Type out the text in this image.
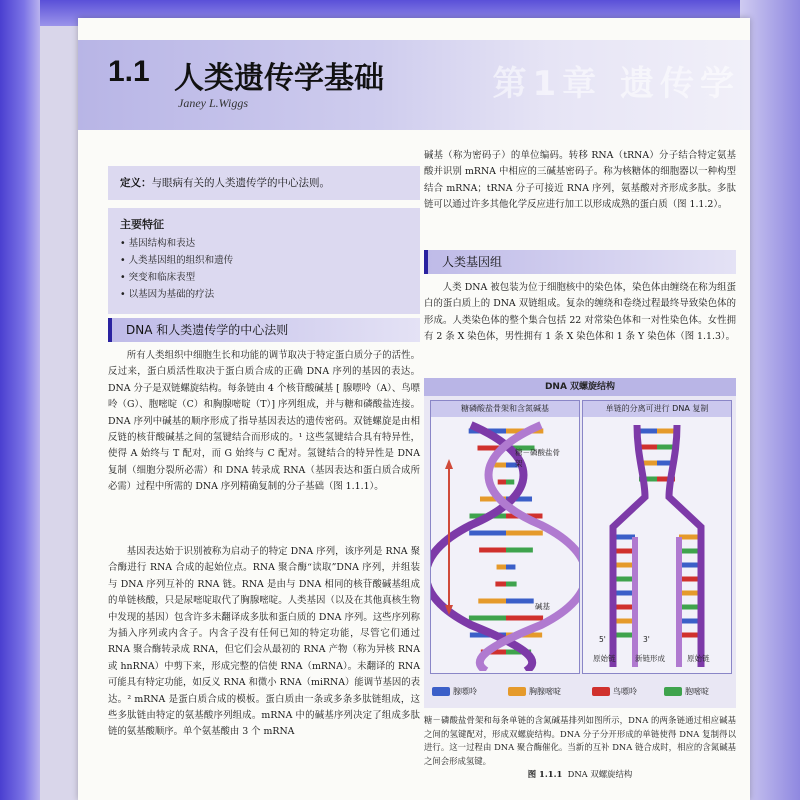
1.1 人类遗传学基础
Janey L.Wiggs	第1章 遗传学
定义：与眼病有关的人类遗传学的中心法则。
主要特征
• 基因结构和表达
• 人类基因组的组织和遗传
• 突变和临床表型
• 以基因为基础的疗法
DNA 和人类遗传学的中心法则

所有人类组织中细胞生长和功能的调节取决于特定蛋白质分子的活性。反过来，蛋白质活性取决于蛋白质合成的正确 DNA 序列的基因的表达。DNA 分子是双链螺旋结构。每条链由 4 个核苷酸碱基 [ 腺嘌呤（A）、鸟嘌呤（G）、胞嘧啶（C）和胸腺嘧啶（T）] 序列组成，并与糖和磷酸盐连接。DNA 序列中碱基的顺序形成了指导基因表达的遗传密码。双链螺旋是由相反链的核苷酸碱基之间的氢键结合而形成的。¹ 这些氢键结合具有特异性，使得 A 始终与 T 配对，而 G 始终与 C 配对。氢键结合的特异性是 DNA 复制（细胞分裂所必需）和 DNA 转录成 RNA（基因表达和蛋白质合成所必需）过程中所需的 DNA 序列精确复制的分子基础（图 1.1.1）。

基因表达始于识别被称为启动子的特定 DNA 序列，该序列是 RNA 聚合酶进行 RNA 合成的起始位点。RNA 聚合酶“读取”DNA 序列，并组装与 DNA 序列互补的 RNA 链。RNA 是由与 DNA 相同的核苷酸碱基组成的单链核酸，只是尿嘧啶取代了胸腺嘧啶。人类基因（以及在其他真核生物中发现的基因）包含许多未翻译成多肽和蛋白质的 DNA 序列。这些序列称为插入序列或内含子。内含子没有任何已知的特定功能，尽管它们通过 RNA 聚合酶转录成 RNA，但它们会从最初的 RNA 产物（称为异核 RNA 或 hnRNA）中剪下来，形成完整的信使 RNA（mRNA）。未翻译的 RNA 可能具有特定功能，如反义 RNA 和微小 RNA（miRNA）能调节基因的表达。² mRNA 是蛋白质合成的模板。蛋白质由一条或多条多肽链组成，这些多肽链由特定的氨基酸序列组成。mRNA 中的碱基序列决定了组成多肽链的氨基酸顺序。单个氨基酸由 3 个 mRNA

碱基（称为密码子）的单位编码。转移 RNA（tRNA）分子结合特定氨基酸并识别 mRNA 中相应的三碱基密码子。称为核糖体的细胞器以一种构型结合 mRNA；tRNA 分子可接近 RNA 序列，氨基酸对齐形成多肽。多肽链可以通过许多其他化学反应进行加工以形成成熟的蛋白质（图 1.1.2）。

人类基因组

人类 DNA 被包装为位于细胞核中的染色体，染色体由缠绕在称为组蛋白的蛋白质上的 DNA 双链组成。复杂的缠绕和卷绕过程最终导致染色体的形成。人类染色体的整个集合包括 22 对常染色体和一对性染色体。女性拥有 2 条 X 染色体，男性拥有 1 条 X 染色体和 1 条 Y 染色体（图 1.1.3）。

DNA 双螺旋结构
糖磷酸盐骨架和含氮碱基
糖－磷酸盐骨架
碱基
单链的分离可进行 DNA 复制
5'	3'
原始链	新链形成	原始链
腺嘌呤	胸腺嘧啶	鸟嘌呤	胞嘧啶
糖－磷酸盐骨架和每条单链的含氮碱基排列如图所示，DNA 的两条链通过相应碱基之间的氢键配对，形成双螺旋结构。DNA 分子分开形成的单链使得 DNA 复制得以进行。这一过程由 DNA 聚合酶催化。当新的互补 DNA 链合成时，相应的含氮碱基之间会形成氢键。
图 1.1.1 DNA 双螺旋结构
